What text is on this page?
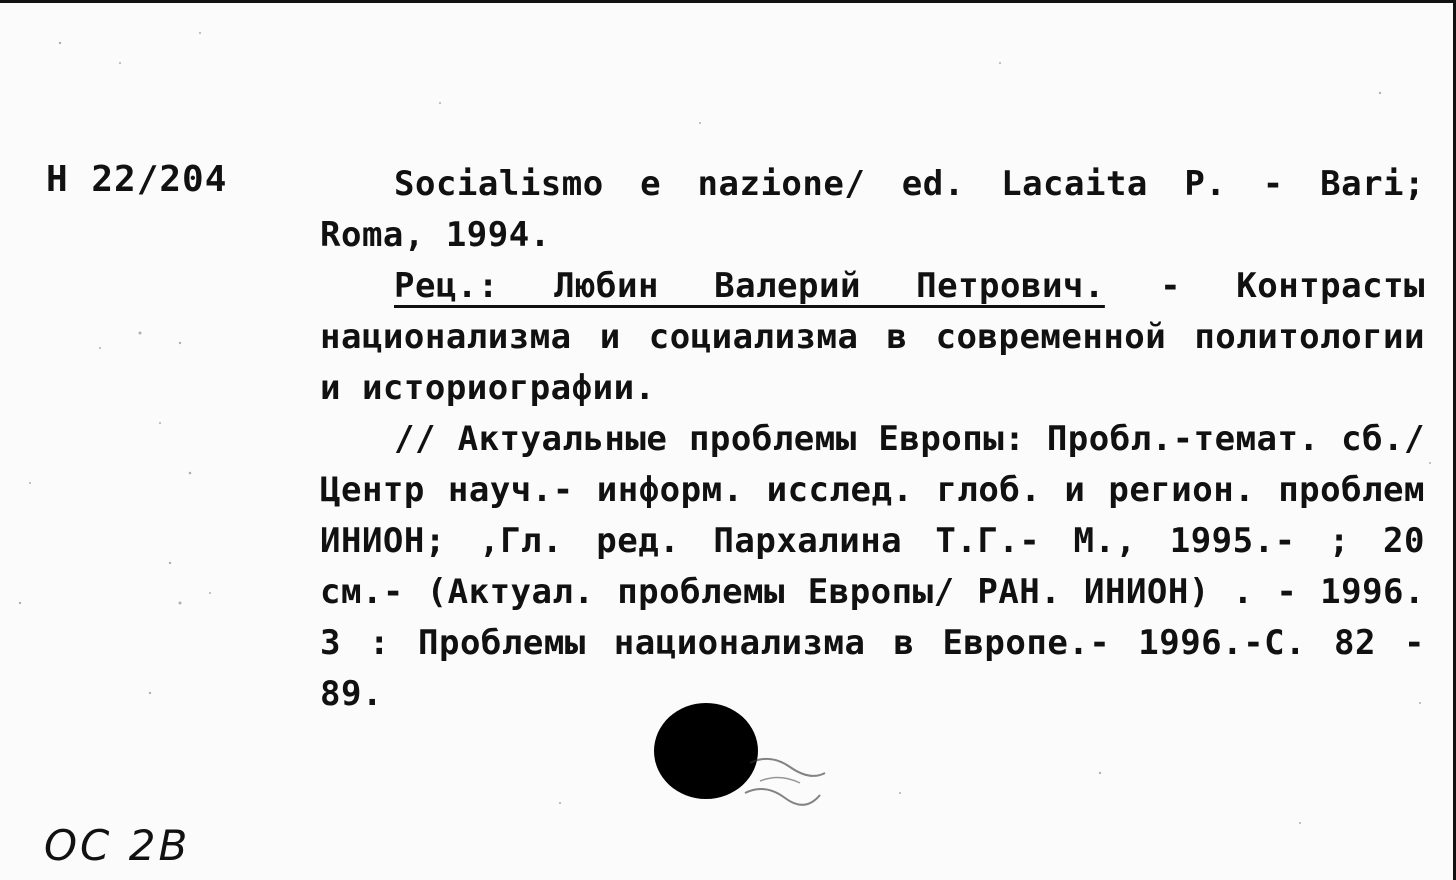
Н 22/204	Socialismo e nazione/ ed. Lacaita P. - Bari; Roma, 1994.

Рец.: Любин Валерий Петрович. - Контрасты национализма и социализма в современной политологии и историографии.

// Актуальные проблемы Европы: Пробл.-темат. сб./ Центр науч.- информ. исслед. глоб. и регион. проблем ИНИОН; ,Гл. ред. Пархалина Т.Г.- М., 1995.- ; 20 см.- (Актуал. проблемы Европы/ РАН. ИНИОН) . - 1996. 3 : Проблемы национализма в Европе.- 1996.-С. 82 - 89.

ОС 2В
